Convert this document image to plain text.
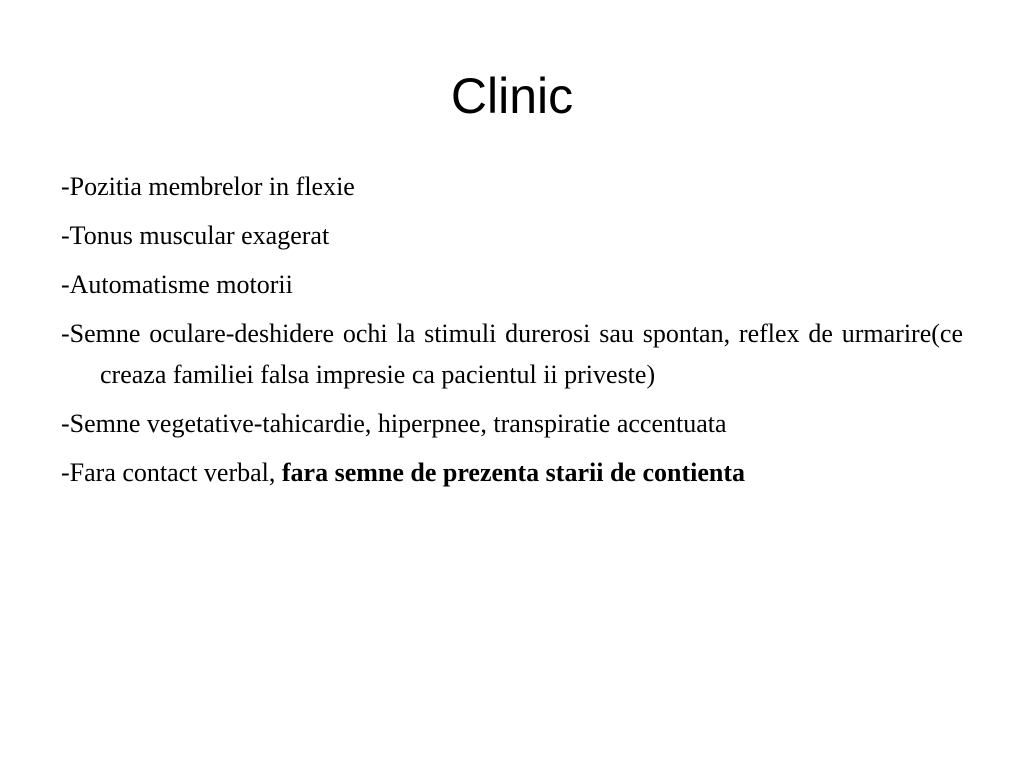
Clinic
-Pozitia membrelor in flexie
-Tonus muscular exagerat
-Automatisme motorii
-Semne oculare-deshidere ochi la stimuli durerosi sau spontan, reflex de urmarire(ce creaza familiei falsa impresie ca pacientul ii priveste)
-Semne vegetative-tahicardie, hiperpnee, transpiratie accentuata
-Fara contact verbal, fara semne de prezenta starii de contienta
